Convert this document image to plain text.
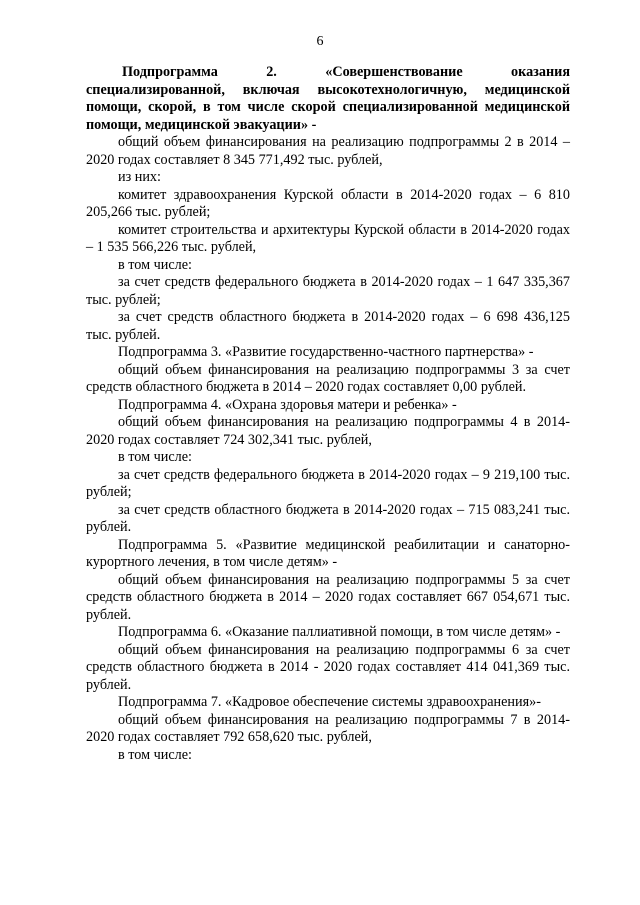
6

Подпрограмма 2. «Совершенствование оказания специализированной, включая высокотехнологичную, медицинской помощи, скорой, в том числе скорой специализированной медицинской помощи, медицинской эвакуации» -

общий объем финансирования на реализацию подпрограммы 2 в 2014 – 2020 годах составляет 8 345 771,492 тыс. рублей,

из них:

комитет здравоохранения Курской области в 2014-2020 годах – 6 810 205,266 тыс. рублей;

комитет строительства и архитектуры Курской области в 2014-2020 годах – 1 535 566,226 тыс. рублей,

в том числе:

за счет средств федерального бюджета в 2014-2020 годах – 1 647 335,367 тыс. рублей;

за счет средств областного бюджета в 2014-2020 годах – 6 698 436,125 тыс. рублей.

Подпрограмма 3. «Развитие государственно-частного партнерства» -

общий объем финансирования на реализацию подпрограммы 3 за счет средств областного бюджета в 2014 – 2020 годах составляет 0,00 рублей.

Подпрограмма 4. «Охрана здоровья матери и ребенка» -

общий объем финансирования на реализацию подпрограммы 4 в 2014-2020 годах составляет 724 302,341 тыс. рублей,

в том числе:

за счет средств федерального бюджета в 2014-2020 годах – 9 219,100 тыс. рублей;

за счет средств областного бюджета в 2014-2020 годах – 715 083,241 тыс. рублей.

Подпрограмма 5. «Развитие медицинской реабилитации и санаторно-курортного лечения, в том числе детям» -

общий объем финансирования на реализацию подпрограммы 5 за счет средств областного бюджета в 2014 – 2020 годах составляет 667 054,671 тыс. рублей.

Подпрограмма 6. «Оказание паллиативной помощи, в том числе детям» -

общий объем финансирования на реализацию подпрограммы 6 за счет средств областного бюджета в 2014 - 2020 годах составляет 414 041,369 тыс. рублей.

Подпрограмма 7. «Кадровое обеспечение системы здравоохранения»-

общий объем финансирования на реализацию подпрограммы 7 в 2014-2020 годах составляет 792 658,620 тыс. рублей,

в том числе:
